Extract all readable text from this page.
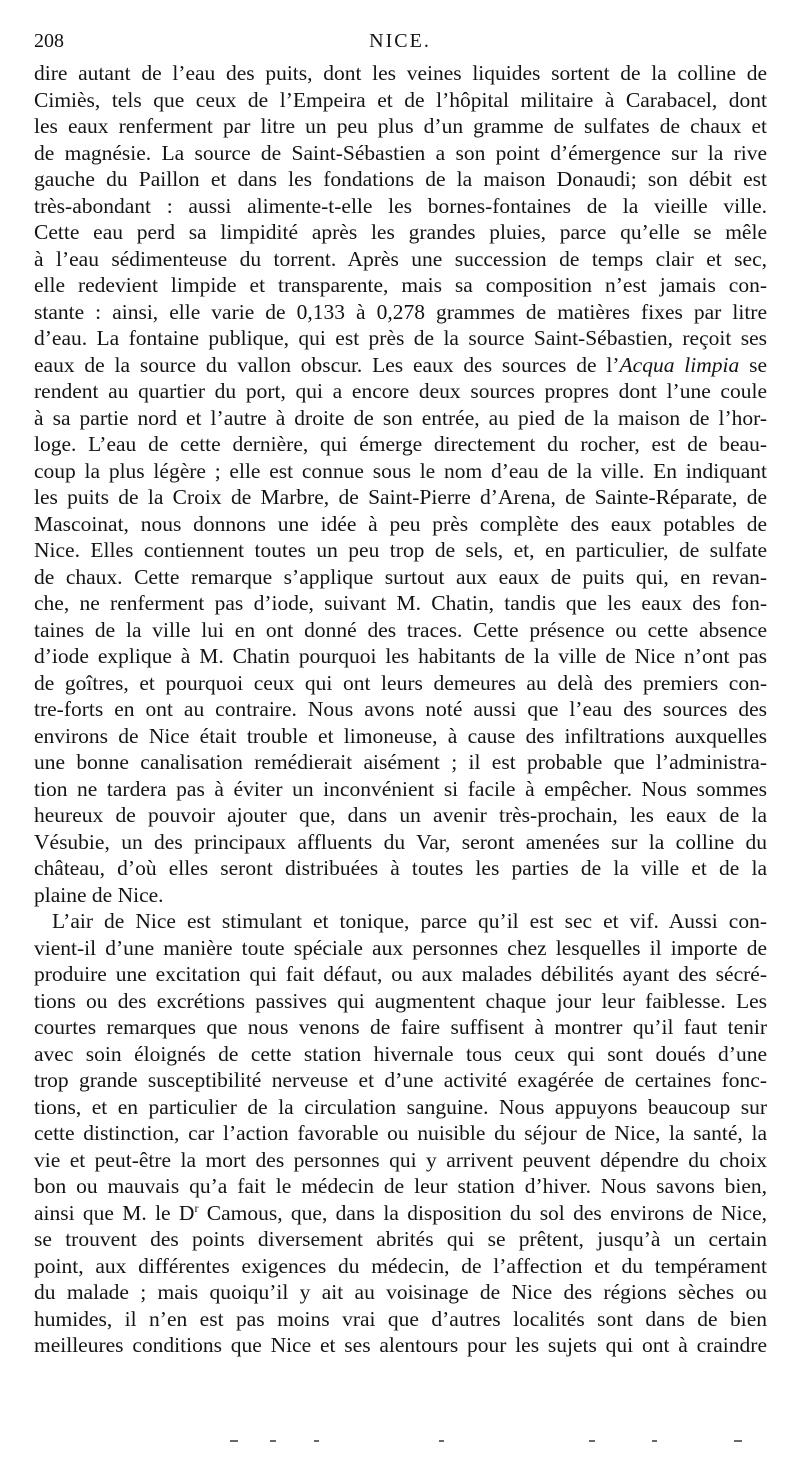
208	NICE.

dire autant de l’eau des puits, dont les veines liquides sortent de la colline de
Cimiès, tels que ceux de l’Empeira et de l’hôpital militaire à Carabacel, dont
les eaux renferment par litre un peu plus d’un gramme de sulfates de chaux et
de magnésie. La source de Saint-Sébastien a son point d’émergence sur la rive
gauche du Paillon et dans les fondations de la maison Donaudi; son débit est
très-abondant : aussi alimente-t-elle les bornes-fontaines de la vieille ville.
Cette eau perd sa limpidité après les grandes pluies, parce qu’elle se mêle
à l’eau sédimenteuse du torrent. Après une succession de temps clair et sec,
elle redevient limpide et transparente, mais sa composition n’est jamais con-
stante : ainsi, elle varie de 0,133 à 0,278 grammes de matières fixes par litre
d’eau. La fontaine publique, qui est près de la source Saint-Sébastien, reçoit ses
eaux de la source du vallon obscur. Les eaux des sources de l’Acqua limpia se
rendent au quartier du port, qui a encore deux sources propres dont l’une coule
à sa partie nord et l’autre à droite de son entrée, au pied de la maison de l’hor-
loge. L’eau de cette dernière, qui émerge directement du rocher, est de beau-
coup la plus légère ; elle est connue sous le nom d’eau de la ville. En indiquant
les puits de la Croix de Marbre, de Saint-Pierre d’Arena, de Sainte-Réparate, de
Mascoinat, nous donnons une idée à peu près complète des eaux potables de
Nice. Elles contiennent toutes un peu trop de sels, et, en particulier, de sulfate
de chaux. Cette remarque s’applique surtout aux eaux de puits qui, en revan-
che, ne renferment pas d’iode, suivant M. Chatin, tandis que les eaux des fon-
taines de la ville lui en ont donné des traces. Cette présence ou cette absence
d’iode explique à M. Chatin pourquoi les habitants de la ville de Nice n’ont pas
de goîtres, et pourquoi ceux qui ont leurs demeures au delà des premiers con-
tre-forts en ont au contraire. Nous avons noté aussi que l’eau des sources des
environs de Nice était trouble et limoneuse, à cause des infiltrations auxquelles
une bonne canalisation remédierait aisément ; il est probable que l’administra-
tion ne tardera pas à éviter un inconvénient si facile à empêcher. Nous sommes
heureux de pouvoir ajouter que, dans un avenir très-prochain, les eaux de la
Vésubie, un des principaux affluents du Var, seront amenées sur la colline du
château, d’où elles seront distribuées à toutes les parties de la ville et de la
plaine de Nice.

L’air de Nice est stimulant et tonique, parce qu’il est sec et vif. Aussi con-
vient-il d’une manière toute spéciale aux personnes chez lesquelles il importe de
produire une excitation qui fait défaut, ou aux malades débilités ayant des sécré-
tions ou des excrétions passives qui augmentent chaque jour leur faiblesse. Les
courtes remarques que nous venons de faire suffisent à montrer qu’il faut tenir
avec soin éloignés de cette station hivernale tous ceux qui sont doués d’une
trop grande susceptibilité nerveuse et d’une activité exagérée de certaines fonc-
tions, et en particulier de la circulation sanguine. Nous appuyons beaucoup sur
cette distinction, car l’action favorable ou nuisible du séjour de Nice, la santé, la
vie et peut-être la mort des personnes qui y arrivent peuvent dépendre du choix
bon ou mauvais qu’a fait le médecin de leur station d’hiver. Nous savons bien,
ainsi que M. le $D^r$ Camous, que, dans la disposition du sol des environs de Nice,
se trouvent des points diversement abrités qui se prêtent, jusqu’à un certain
point, aux différentes exigences du médecin, de l’affection et du tempérament
du malade ; mais quoiqu’il y ait au voisinage de Nice des régions sèches ou
humides, il n’en est pas moins vrai que d’autres localités sont dans de bien
meilleures conditions que Nice et ses alentours pour les sujets qui ont à craindre
